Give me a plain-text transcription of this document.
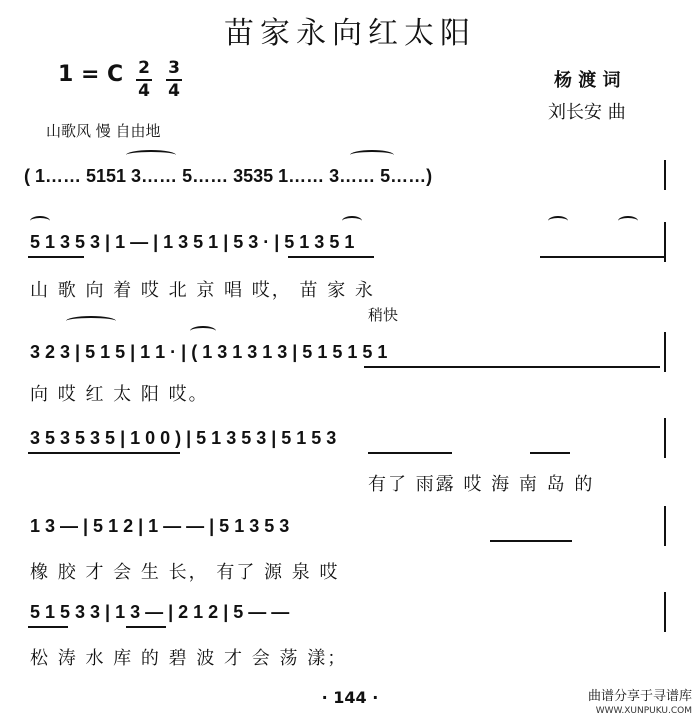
苗家永向红太阳
1 = C 2
4
3
4	杨 渡 词
刘长安 曲
山歌风 慢 自由地
( 1…… 5151 3…… 5…… 3535 1…… 3…… 5……)
5 1 3 5 3 | 1 — | 1 3 5 1 | 5 3 · | 5 1 3 5 1
山 歌 向 着 哎 北 京 唱 哎， 苗 家 永
稍快
3 2 3 | 5 1 5 | 1 1 · | ( 1 3 1 3 1 3 | 5 1 5 1 5 1
向 哎 红 太 阳 哎。
3 5 3 5 3 5 | 1 0 0 ) | 5 1 3 5 3 | 5 1 5 3
有了 雨露 哎 海 南 岛 的
1 3 — | 5 1 2 | 1 — — | 5 1 3 5 3
橡 胶 才 会 生 长， 有了 源 泉 哎
5 1 5 3 3 | 1 3 — | 2 1 2 | 5 — —
松 涛 水 库 的 碧 波 才 会 荡 漾；
· 144 ·	曲谱分享于寻谱库
WWW.XUNPUKU.COM
